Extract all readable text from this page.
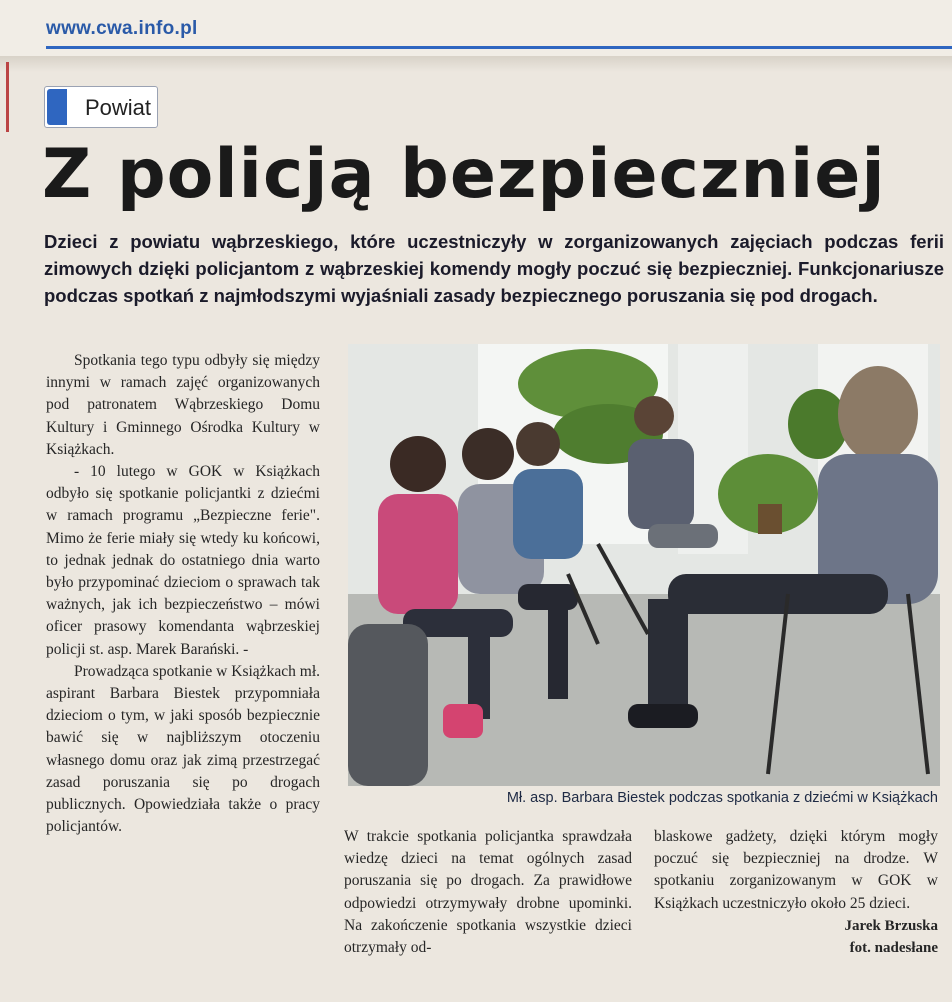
www.cwa.info.pl
Powiat
Z policją bezpieczniej

Dzieci z powiatu wąbrzeskiego, które uczestniczyły w zorganizowanych zajęciach podczas ferii zimowych dzięki policjantom z wąbrzeskiej komendy mogły poczuć się bezpieczniej. Funkcjonariusze podczas spotkań z najmłodszymi wyjaśniali zasady bezpiecznego poruszania się pod drogach.

Spotkania tego typu odbyły się między innymi w ramach zajęć organizowanych pod patronatem Wąbrzeskiego Domu Kultury i Gminnego Ośrodka Kultury w Książkach.

- 10 lutego w GOK w Książkach odbyło się spotkanie policjantki z dziećmi w ramach programu „Bezpieczne ferie". Mimo że ferie miały się wtedy ku końcowi, to jednak jednak do ostatniego dnia warto było przypominać dzieciom o sprawach tak ważnych, jak ich bezpieczeństwo – mówi oficer prasowy komendanta wąbrzeskiej policji st. asp. Marek Barański. -

Prowadząca spotkanie w Książkach mł. aspirant Barbara Biestek przypomniała dzieciom o tym, w jaki sposób bezpiecznie bawić się w najbliższym otoczeniu własnego domu oraz jak zimą przestrzegać zasad poruszania się po drogach publicznych. Opowiedziała także o pracy policjantów.

Mł. asp. Barbara Biestek podczas spotkania z dziećmi w Książkach

W trakcie spotkania policjantka sprawdzała wiedzę dzieci na temat ogólnych zasad poruszania się po drogach. Za prawidłowe odpowiedzi otrzymywały drobne upominki. Na zakończenie spotkania wszystkie dzieci otrzymały od-

blaskowe gadżety, dzięki którym mogły poczuć się bezpieczniej na drodze. W spotkaniu zorganizowanym w GOK w Książkach uczestniczyło około 25 dzieci.

Jarek Brzuska
fot. nadesłane
